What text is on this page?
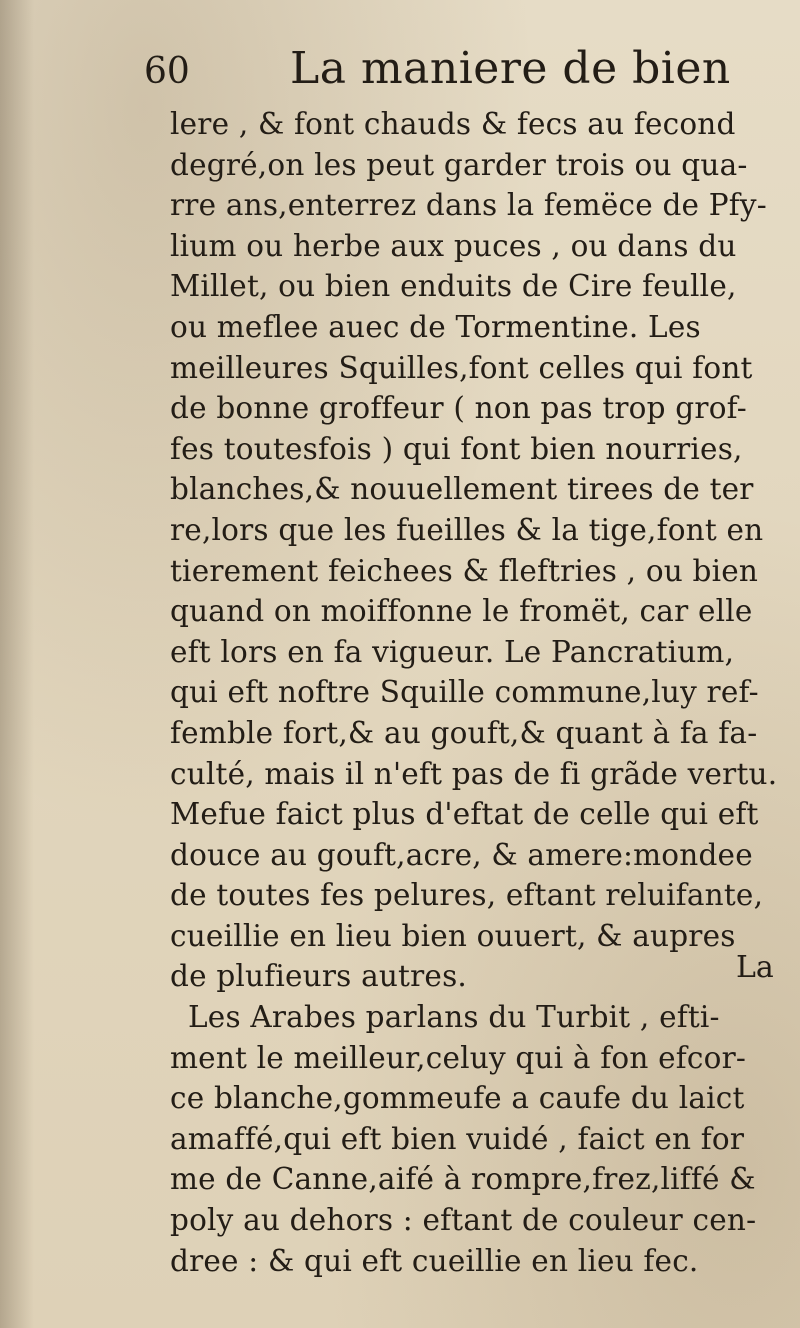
60 La maniere de bien
lere , & font chauds & fecs au fecond
degré,on les peut garder trois ou qua-
rre ans,enterrez dans la femëce de Pfy-
lium ou herbe aux puces , ou dans du
Millet, ou bien enduits de Cire feulle,
ou meflee auec de Tormentine. Les
meilleures Squilles,font celles qui font
de bonne groffeur ( non pas trop grof-
fes toutesfois ) qui font bien nourries,
blanches,& nouuellement tirees de ter
re,lors que les fueilles & la tige,font en
tierement feichees & fleftries , ou bien
quand on moiffonne le fromët, car elle
eft lors en fa vigueur. Le Pancratium,
qui eft noftre Squille commune,luy ref-
femble fort,& au gouft,& quant à fa fa-
culté, mais il n'eft pas de fi grãde vertu.
Mefue faict plus d'eftat de celle qui eft
douce au gouft,acre, & amere:mondee
de toutes fes pelures, eftant reluifante,
cueillie en lieu bien ouuert, & aupres
de plufieurs autres.
Les Arabes parlans du Turbit , efti-
ment le meilleur,celuy qui à fon efcor-
ce blanche,gommeufe a caufe du laict
amaffé,qui eft bien vuidé , faict en for
me de Canne,aifé à rompre,frez,liffé &
poly au dehors : eftant de couleur cen-
dree : & qui eft cueillie en lieu fec.
La
